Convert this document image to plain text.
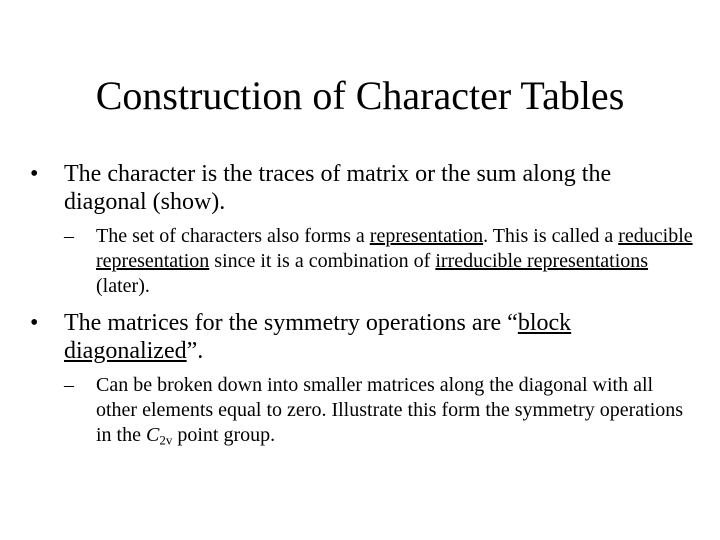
Construction of Character Tables

•	The character is the traces of matrix or the sum along the diagonal (show).

–	The set of characters also forms a representation. This is called a reducible representation since it is a combination of irreducible representations (later).

•	The matrices for the symmetry operations are “block diagonalized”.

–	Can be broken down into smaller matrices along the diagonal with all other elements equal to zero. Illustrate this form the symmetry operations in the $C_{2v}$ point group.
